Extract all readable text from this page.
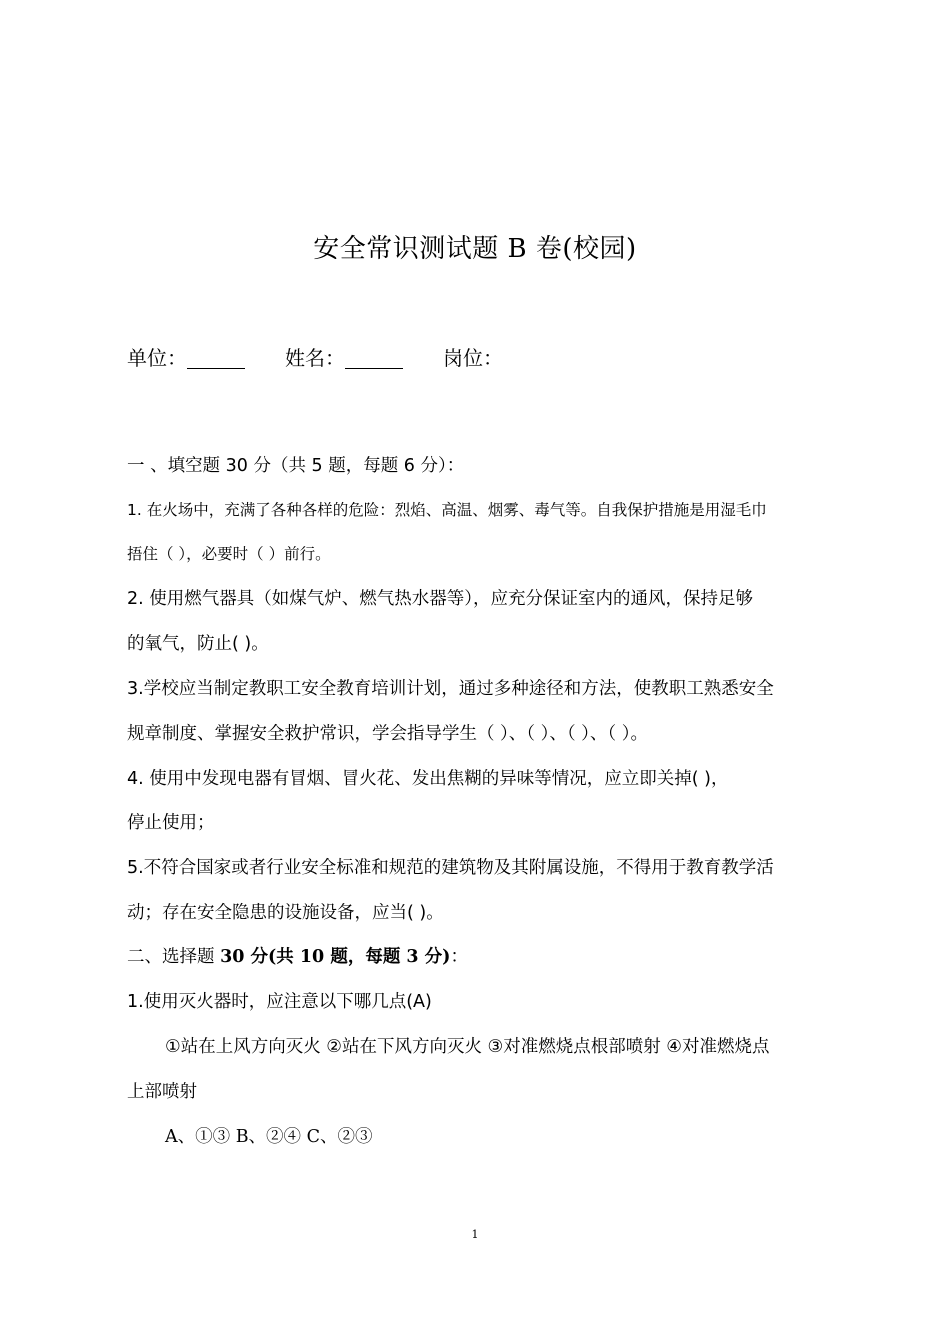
安全常识测试题 B 卷(校园)
单位：	姓名：	岗位：
一 、填空题 30 分（共 5 题，每题 6 分）：
1. 在火场中，充满了各种各样的危险：烈焰、高温、烟雾、毒气等。自我保护措施是用湿毛巾
捂住（ ），必要时（ ）前行。
2. 使用燃气器具（如煤气炉、燃气热水器等），应充分保证室内的通风，保持足够
的氧气，防止( )。
3.学校应当制定教职工安全教育培训计划，通过多种途径和方法，使教职工熟悉安全
规章制度、掌握安全救护常识，学会指导学生（ ）、（ ）、（ ）、（ ）。
4. 使用中发现电器有冒烟、冒火花、发出焦糊的异味等情况，应立即关掉( )，
停止使用；
5.不符合国家或者行业安全标准和规范的建筑物及其附属设施，不得用于教育教学活
动；存在安全隐患的设施设备，应当( )。
二、选择题 30 分(共 10 题，每题 3 分)：
1.使用灭火器时，应注意以下哪几点(A)
①站在上风方向灭火 ②站在下风方向灭火 ③对准燃烧点根部喷射 ④对准燃烧点
上部喷射
A、①③ B、②④ C、②③
1
